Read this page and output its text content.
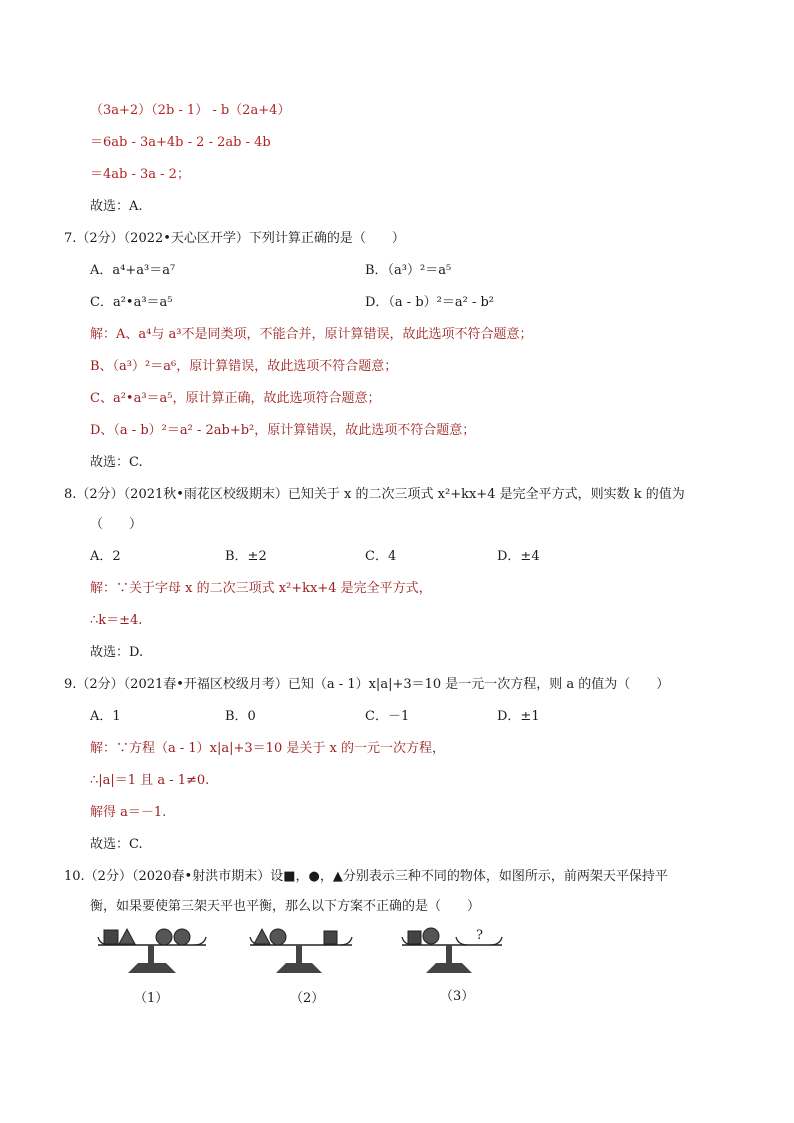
（3a+2）（2b - 1） - b（2a+4）
＝6ab - 3a+4b - 2 - 2ab - 4b
＝4ab - 3a - 2；
故选：A.
7.（2分）（2022•天心区开学）下列计算正确的是（　　）
A．a⁴+a³＝a⁷	B．（a³）²＝a⁵
C．a²•a³＝a⁵	D．（a - b）²＝a² - b²
解：A、a⁴与 a³不是同类项，不能合并，原计算错误，故此选项不符合题意；
B、（a³）²＝a⁶，原计算错误，故此选项不符合题意；
C、a²•a³＝a⁵，原计算正确，故此选项符合题意；
D、（a - b）²＝a² - 2ab+b²，原计算错误，故此选项不符合题意；
故选：C.
8.（2分）（2021秋•雨花区校级期末）已知关于 x 的二次三项式 x²+kx+4 是完全平方式，则实数 k 的值为
（　　）
A．2	B．±2	C．4	D．±4
解：∵关于字母 x 的二次三项式 x²+kx+4 是完全平方式，
∴k＝±4.
故选：D.
9.（2分）（2021春•开福区校级月考）已知（a - 1）x|a|+3＝10 是一元一次方程，则 a 的值为（　　）
A．1	B．0	C．－1	D．±1
解：∵方程（a - 1）x|a|+3＝10 是关于 x 的一元一次方程，
∴|a|＝1 且 a - 1≠0.
解得 a＝－1.
故选：C.
10.（2分）（2020春•射洪市期末）设■，●，▲分别表示三种不同的物体，如图所示，前两架天平保持平
衡，如果要使第三架天平也平衡，那么以下方案不正确的是（　　）
（1）	（2）
?
（3）
